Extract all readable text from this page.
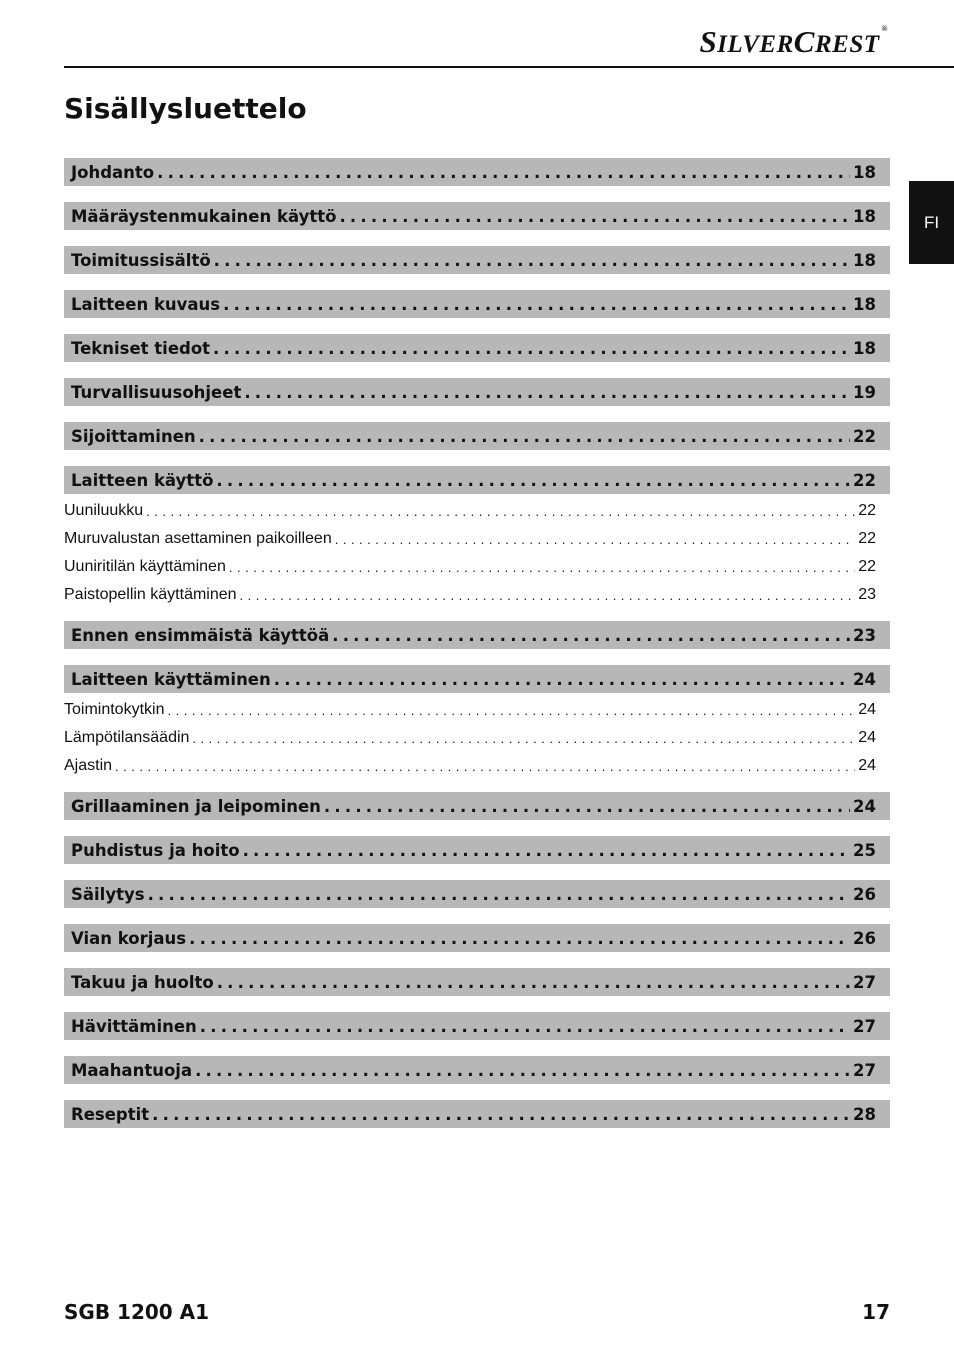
SILVERCREST®
FI
Sisällysluettelo
Johdanto .....	18
Määräystenmukainen käyttö .....	18
Toimitussisältö .....	18
Laitteen kuvaus .....	18
Tekniset tiedot .....	18
Turvallisuusohjeet .....	19
Sijoittaminen .....	22
Laitteen käyttö .....	22
Uuniluukku .....	22
Muruvalustan asettaminen paikoilleen .....	22
Uuniritilän käyttäminen .....	22
Paistopellin käyttäminen .....	23
Ennen ensimmäistä käyttöä .....	23
Laitteen käyttäminen .....	24
Toimintokytkin .....	24
Lämpötilansäädin .....	24
Ajastin .....	24
Grillaaminen ja leipominen .....	24
Puhdistus ja hoito .....	25
Säilytys .....	26
Vian korjaus .....	26
Takuu ja huolto .....	27
Hävittäminen .....	27
Maahantuoja .....	27
Reseptit .....	28
SGB 1200 A1	17
